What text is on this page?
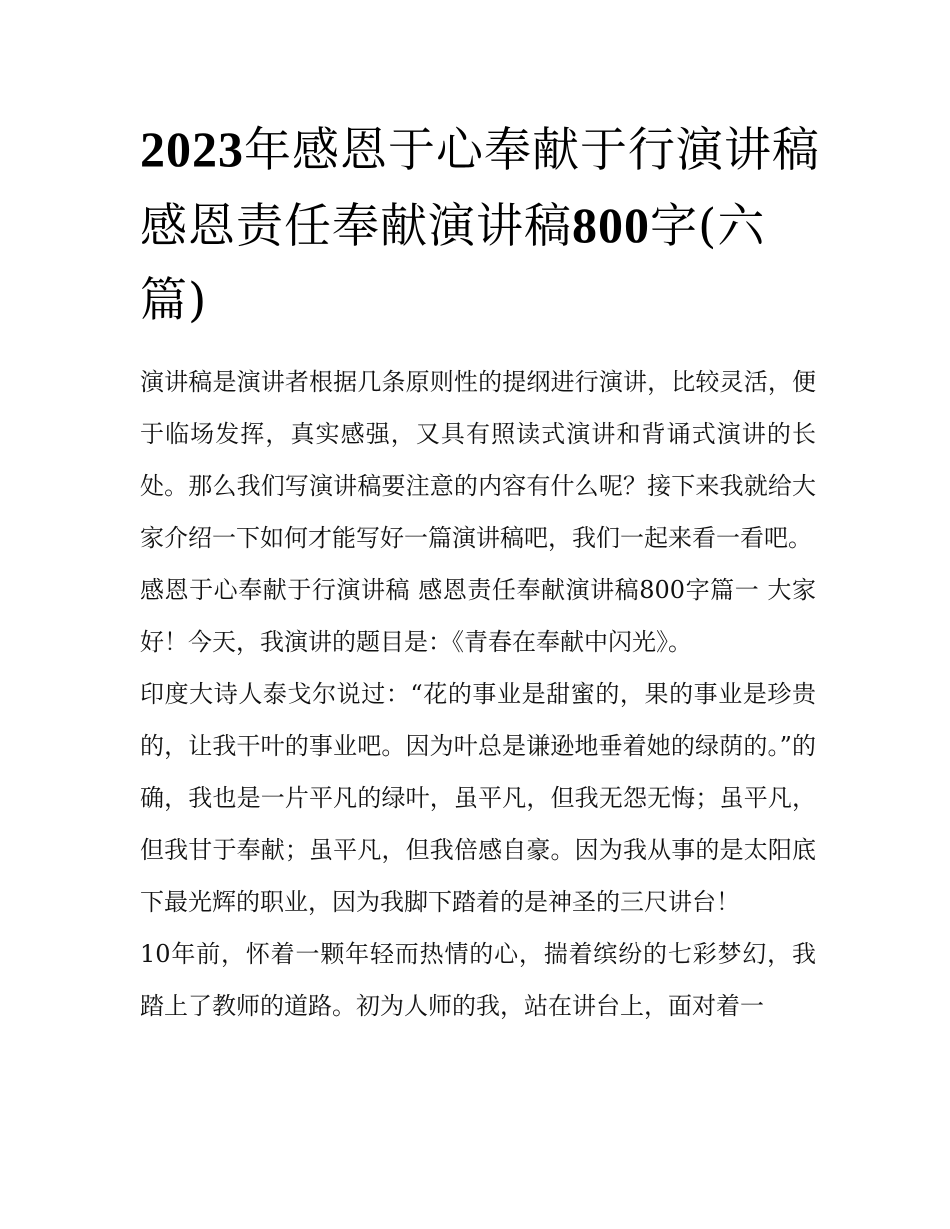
2023年感恩于心奉献于行演讲稿 感恩责任奉献演讲稿800字(六篇)

演讲稿是演讲者根据几条原则性的提纲进行演讲，比较灵活，便于临场发挥，真实感强，又具有照读式演讲和背诵式演讲的长处。那么我们写演讲稿要注意的内容有什么呢？接下来我就给大家介绍一下如何才能写好一篇演讲稿吧，我们一起来看一看吧。

感恩于心奉献于行演讲稿 感恩责任奉献演讲稿800字篇一 大家好！今天，我演讲的题目是：《青春在奉献中闪光》。

印度大诗人泰戈尔说过：“花的事业是甜蜜的，果的事业是珍贵的，让我干叶的事业吧。因为叶总是谦逊地垂着她的绿荫的。”的确，我也是一片平凡的绿叶，虽平凡，但我无怨无悔；虽平凡，但我甘于奉献；虽平凡，但我倍感自豪。因为我从事的是太阳底下最光辉的职业，因为我脚下踏着的是神圣的三尺讲台！

10年前，怀着一颗年轻而热情的心，揣着缤纷的七彩梦幻，我踏上了教师的道路。初为人师的我，站在讲台上，面对着一
